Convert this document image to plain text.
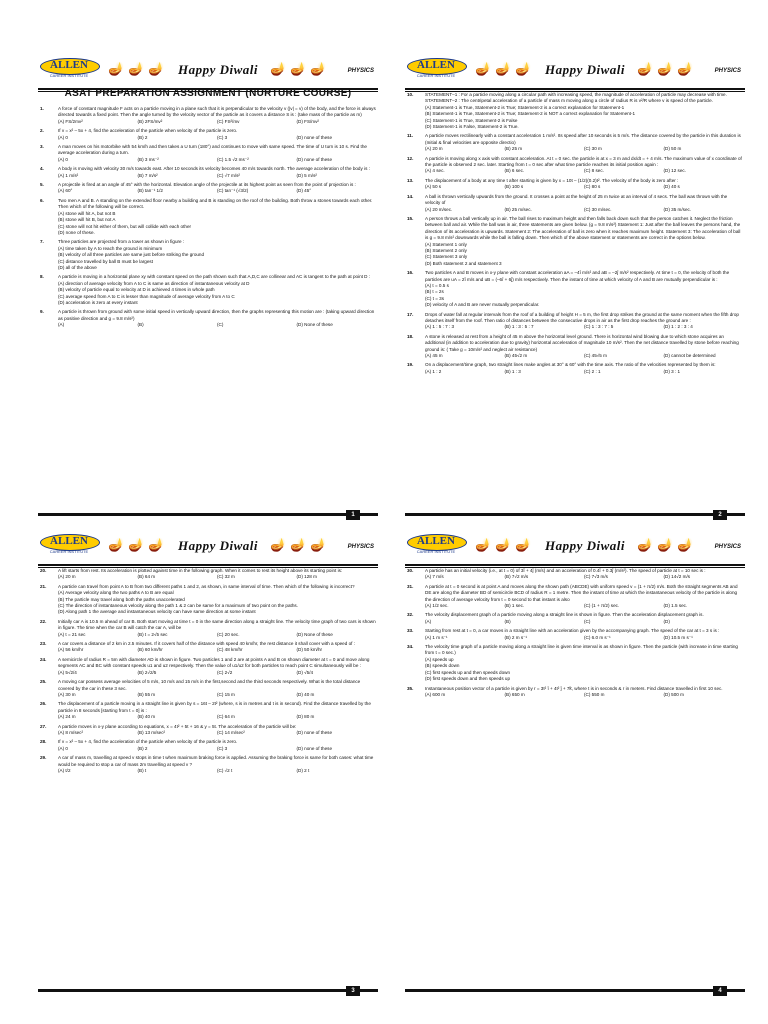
ALLEN
CAREER INSTITUTE	🪔 🪔 🪔 Happy Diwali 🪔 🪔 🪔	PHYSICS
ASAT PREPARATION ASSIGNMENT (NURTURE COURSE)
1.	A force of constant magnitude F acts on a particle moving in a plane such that it is perpendicular to the velocity v (|v| = v) of the body, and the force is always directed towards a fixed point. Then the angle turned by the velocity vector of the particle as it covers a distance S is : (take mass of the particle as m)
(A) FS/2mv²	(B) 2FS/mv²	(C) FS²/mv	(D) FS/mv²
2.	If v = x² – 5x + 4, find the acceleration of the particle when velocity of the particle is zero.
(A) 0	(B) 2	(C) 3	(D) none of these
3.	A man moves on his motorbike with 54 km/h and then takes a U turn (180°) and continues to move with same speed. The time of U turn is 10 s. Find the average acceleration during a turn.
(A) 0	(B) 3 ms⁻²	(C) 1.5 √2 ms⁻²	(D) none of these
4.	A body is moving with velocity 30 m/s towards east. After 10 seconds its velocity becomes 40 m/s towards north. The average acceleration of the body is :
(A) 1 m/s²	(B) 7 m/s²	(C) √7 m/s²	(D) 5 m/s²
5.	A projectile is fired at an angle of 45° with the horizontal. Elevation angle of the projectile at its highest point as seen from the point of projection is :
(A) 60°	(B) tan⁻¹ 1/2	(C) tan⁻¹ (√3/2)	(D) 45°
6.	Two men A and B. A standing on the extended floor nearby a building and B is standing on the roof of the building. Both throw a stones towards each other. Then which of the following will be correct.
(A) stone will hit A, but not B
(B) stone will hit B, but not A
(C) stone will not hit either of them, but will collide with each other
(D) none of these.
7.	Three particles are projected from a tower as shown in figure :
(A) time taken by A to reach the ground is minimum
(B) velocity of all three particles are same just before striking the ground
(C) distance travelled by ball B must be largest
(D) all of the above
8.	A particle is moving in a horizontal plane xy with constant speed on the path shown such that A,D,C are collinear and AC is tangent to the path at point D :
(A) direction of average velocity from A to C is same as direction of instantaneous velocity at D
(B) velocity of particle equal to velocity at D is achieved 4 times in whole path
(C) average speed from A to C is lesser than magnitude of average velocity from A to C
(D) acceleration is zero at every instant
9.	A particle is thrown from ground with some initial speed in vertically upward direction, then the graphs representing this motion are : (taking upward direction as positive direction and g = 9.8 m/s²)
(A)	(B)	(C)	(D) None of these
1
ALLEN
CAREER INSTITUTE	🪔 🪔 🪔 Happy Diwali 🪔 🪔 🪔	PHYSICS
10.	STATEMENT–1 : For a particle moving along a circular path with increasing speed, the magnitude of acceleration of particle may decrease with time. STATEMENT–2 : The centripetal acceleration of a particle of mass m moving along a circle of radius R is v²/R where v is speed of the particle.
(A) Statement-1 is True, Statement-2 is True; Statement-2 is a correct explanation for Statement-1
(B) Statement-1 is True, Statement-2 is True; Statement-2 is NOT a correct explanation for Statement-1
(C) Statement-1 is True, Statement-2 is False
(D) Statement-1 is False, Statement-2 is True.
11.	A particle moves rectilinearly with a constant acceleration 1 m/s². Its speed after 10 seconds is 5 m/s. The distance covered by the particle in this duration is (Initial & final velocities are opposite directio)
(A) 20 m	(B) 25 m	(C) 30 m	(D) 50 m
12.	A particle is moving along x axis with constant acceleration. At t = 0 sec. the particle is at x = 3 m and dx/dt = + 4 m/s. The maximum value of x coordinate of the particle is observed 2 sec. later. Starting from t = 0 sec after what time particle reaches its initial position again :
(A) 4 sec.	(B) 6 sec.	(C) 8 sec.	(D) 12 sec.
13.	The displacement of a body at any time t after starting is given by x = 10t – (1/2)(0.2)t². The velocity of the body is zero after :
(A) 50 s	(B) 100 s	(C) 80 s	(D) 40 s
14.	A ball is thrown vertically upwards from the ground. It crosses a point at the height of 25 m twice at an interval of 4 secs. The ball was thrown with the velocity of
(A) 20 m/sec.	(B) 25 m/sec.	(C) 30 m/sec.	(D) 35 m/sec.
15.	A person throws a ball vertically up in air. The ball rises to maximum height and then falls back down such that the person catches it. Neglect the friction between ball and air. While the ball was in air, three statements are given below. (g = 9.8 m/s²) Statement 1: Just after the ball leaves the persons hand, the direction of its acceleration is upwards. Statement 2: The acceleration of ball is zero when it reaches maximum height. Statement 3: The acceleration of ball is g = 9.8 m/s² downwards while the ball is falling down. Then which of the above statement or statements are correct in the options below.
(A) Statement 1 only
(B) Statement 2 only
(C) Statement 3 only
(D) Both statement 2 and statement 3
16.	Two particles A and B moves in x-y plane with constant acceleration aA = –4î m/s² and aB = –2ĵ m/s² respectively. At time t = 0, the velocity of both the particles are uA = 2î m/s and uB = (–6î + 6ĵ) m/s respectively. Then the instant of time at which velocity of A and B are mutually perpendicular is :
(A) t = 0.5 s
(B) t = 2s
(C) t = 3s
(D) velocity of A and B are never mutually perpendicular.
17.	Drops of water fall at regular intervals from the roof of a building of height H = 5 m, the first drop strikes the ground at the same moment when the fifth drop detaches itself from the roof. Then ratio of distances between the consecutive drops in air as the first drop reaches the ground are :
(A) 1 : 5 : 7 : 3	(B) 1 : 3 : 5 : 7	(C) 1 : 3 : 7 : 5	(D) 1 : 2 : 3 : 4
18.	A stone is released at rest from a height of 45 m above the horizontal level ground. There is horizontal wind blowing due to which stone acquires an additional (in addition to acceleration due to gravity) horizontal acceleration of magnitude 10 m/s². Then the net distance travelled by stone before reaching ground is: ( Take g = 10m/s² and neglect air resistance)
(A) 45 m	(B) 45√2 m	(C) 45√5 m	(D) cannot be determined
19.	On a displacement/time graph, two straight lines make angles at 30° & 60° with the time axis. The ratio of the velocities represented by them is:
(A) 1 : 2	(B) 1 : 3	(C) 2 : 1	(D) 3 : 1
2
ALLEN
CAREER INSTITUTE	🪔 🪔 🪔 Happy Diwali 🪔 🪔 🪔	PHYSICS
20.	A lift starts from rest. Its acceleration is plotted against time in the following graph. When it comes to rest its height above its starting point is:
(A) 20 m	(B) 64 m	(C) 32 m	(D) 128 m
21.	A particle can travel from point A to B from two different paths 1 and 2, as shown, in same interval of time. Then which of the following is incorrect?
(A) Average velocity along the two paths A to B are equal
(B) The particle may travel along both the paths unaccelerated
(C) The direction of instantaneous velocity along the path 1 & 2 can be same for a maximum of two point on the paths.
(D) Along path 1 the average and instantaneous velocity can have same direction at some instant
22.	Initially car A is 10.5 m ahead of car B. Both start moving at time t = 0 in the same direction along a straight line. The velocity time graph of two cars is shown in figure. The time when the car B will catch the car A, will be
(A) t = 21 sec	(B) t = 2√5 sec	(C) 20 sec.	(D) None of these
23.	A car covers a distance of 2 km in 2.5 minutes. If it covers half of the distance with speed 40 km/hr, the rest distance it shall cover with a speed of :
(A) 56 km/hr	(B) 60 km/hr	(C) 48 km/hr	(D) 50 km/hr
24.	A semicircle of radius R = 5m with diameter AD is shown in figure. Two particles 1 and 2 are at points A and B on shown diameter at t = 0 and move along segments AC and BC with constant speeds u1 and u2 respectively. Then the value of u1/u2 for both particles to reach point C simultaneously will be :
(A) 5√2/4	(B) 2√2/5	(C) 2√2	(D) √5/4
25.	A moving car possess average velocities of 5 m/s, 10 m/s and 15 m/s in the first,second and the third seconds respectively. What is the total distance covered by the car in these 3 sec.
(A) 30 m	(B) 55 m	(C) 15 m	(D) 40 m
26.	The displacement of a particle moving in a straight line is given by s = 16t – 2t² (where, s is in metres and t is in second). Find the distance travelled by the particle in 8 seconds [starting from t = 0] is :
(A) 24 m	(B) 40 m	(C) 64 m	(D) 80 m
27.	A particle moves in x-y plane according to equations, x = 4t² + 5t + 16 & y = 5t. The acceleration of the particle will be:
(A) 8 m/sec²	(B) 13 m/sec²	(C) 14 m/sec²	(D) none of these
28.	If v = x² – 5x + 4, find the acceleration of the particle when velocity of the particle is zero.
(A) 0	(B) 2	(C) 3	(D) none of these
29.	A car of mass m, travelling at speed v stops in time t when maximum braking force is applied. Assuming the braking force is same for both cases: what time would be required to stop a car of mass 2m travelling at speed v ?
(A) t/2	(B) t	(C) √2 t	(D) 2 t
3
ALLEN
CAREER INSTITUTE	🪔 🪔 🪔 Happy Diwali 🪔 🪔 🪔	PHYSICS
30.	A particle has an initial velocity (i.e., at t = 0) of 3î + 4ĵ (m/s) and an acceleration of 0.4î + 0.3ĵ (m/s²). The speed of particle at t = 10 sec is :
(A) 7 m/s	(B) 7√2 m/s	(C) 7√3 m/s	(D) 14√2 m/s
31.	A particle at t = 0 second is at point A and moves along the shown path (ABCDE) with uniform speed v = (1 + π/2) m/s. Both the straight segments AB and DE are along the diameter BD of semicircle BCD of radius R = 1 metre. Then the instant of time at which the instantaneous velocity of the particle is along the direction of average velocity from t = 0 second to that instant is also
(A) 1/2 sec.	(B) 1 sec.	(C) (1 + π/2) sec.	(D) 1.5 sec.
32.	The velocity displacement graph of a particle moving along a straight line is shown in figure. Then the acceleration displacement graph is.
(A)	(B)	(C)	(D)
33.	Starting from rest at t = 0, a car moves in a straight line with an acceleration given by the accompanying graph. The speed of the car at t = 3 s is :
(A) 1 m s⁻¹	(B) 2 m s⁻¹	(C) 6.0 m s⁻¹	(D) 10.5 m s⁻¹
34.	The velocity time graph of a particle moving along a straight line is given time interval is as shown in figure. Then the particle (with increase in time starting from t = 0 sec.)
(A) speeds up
(B) speeds down
(C) first speeds up and then speeds down
(D) first speeds down and then speeds up
35.	Instantaneous position vector of a particle is given by r = 3t² î + 4t² ĵ + 7k̂, where t is in seconds & r in meters. Find distance travelled in first 10 sec.
(A) 600 m	(B) 650 m	(C) 550 m	(D) 500 m
4
